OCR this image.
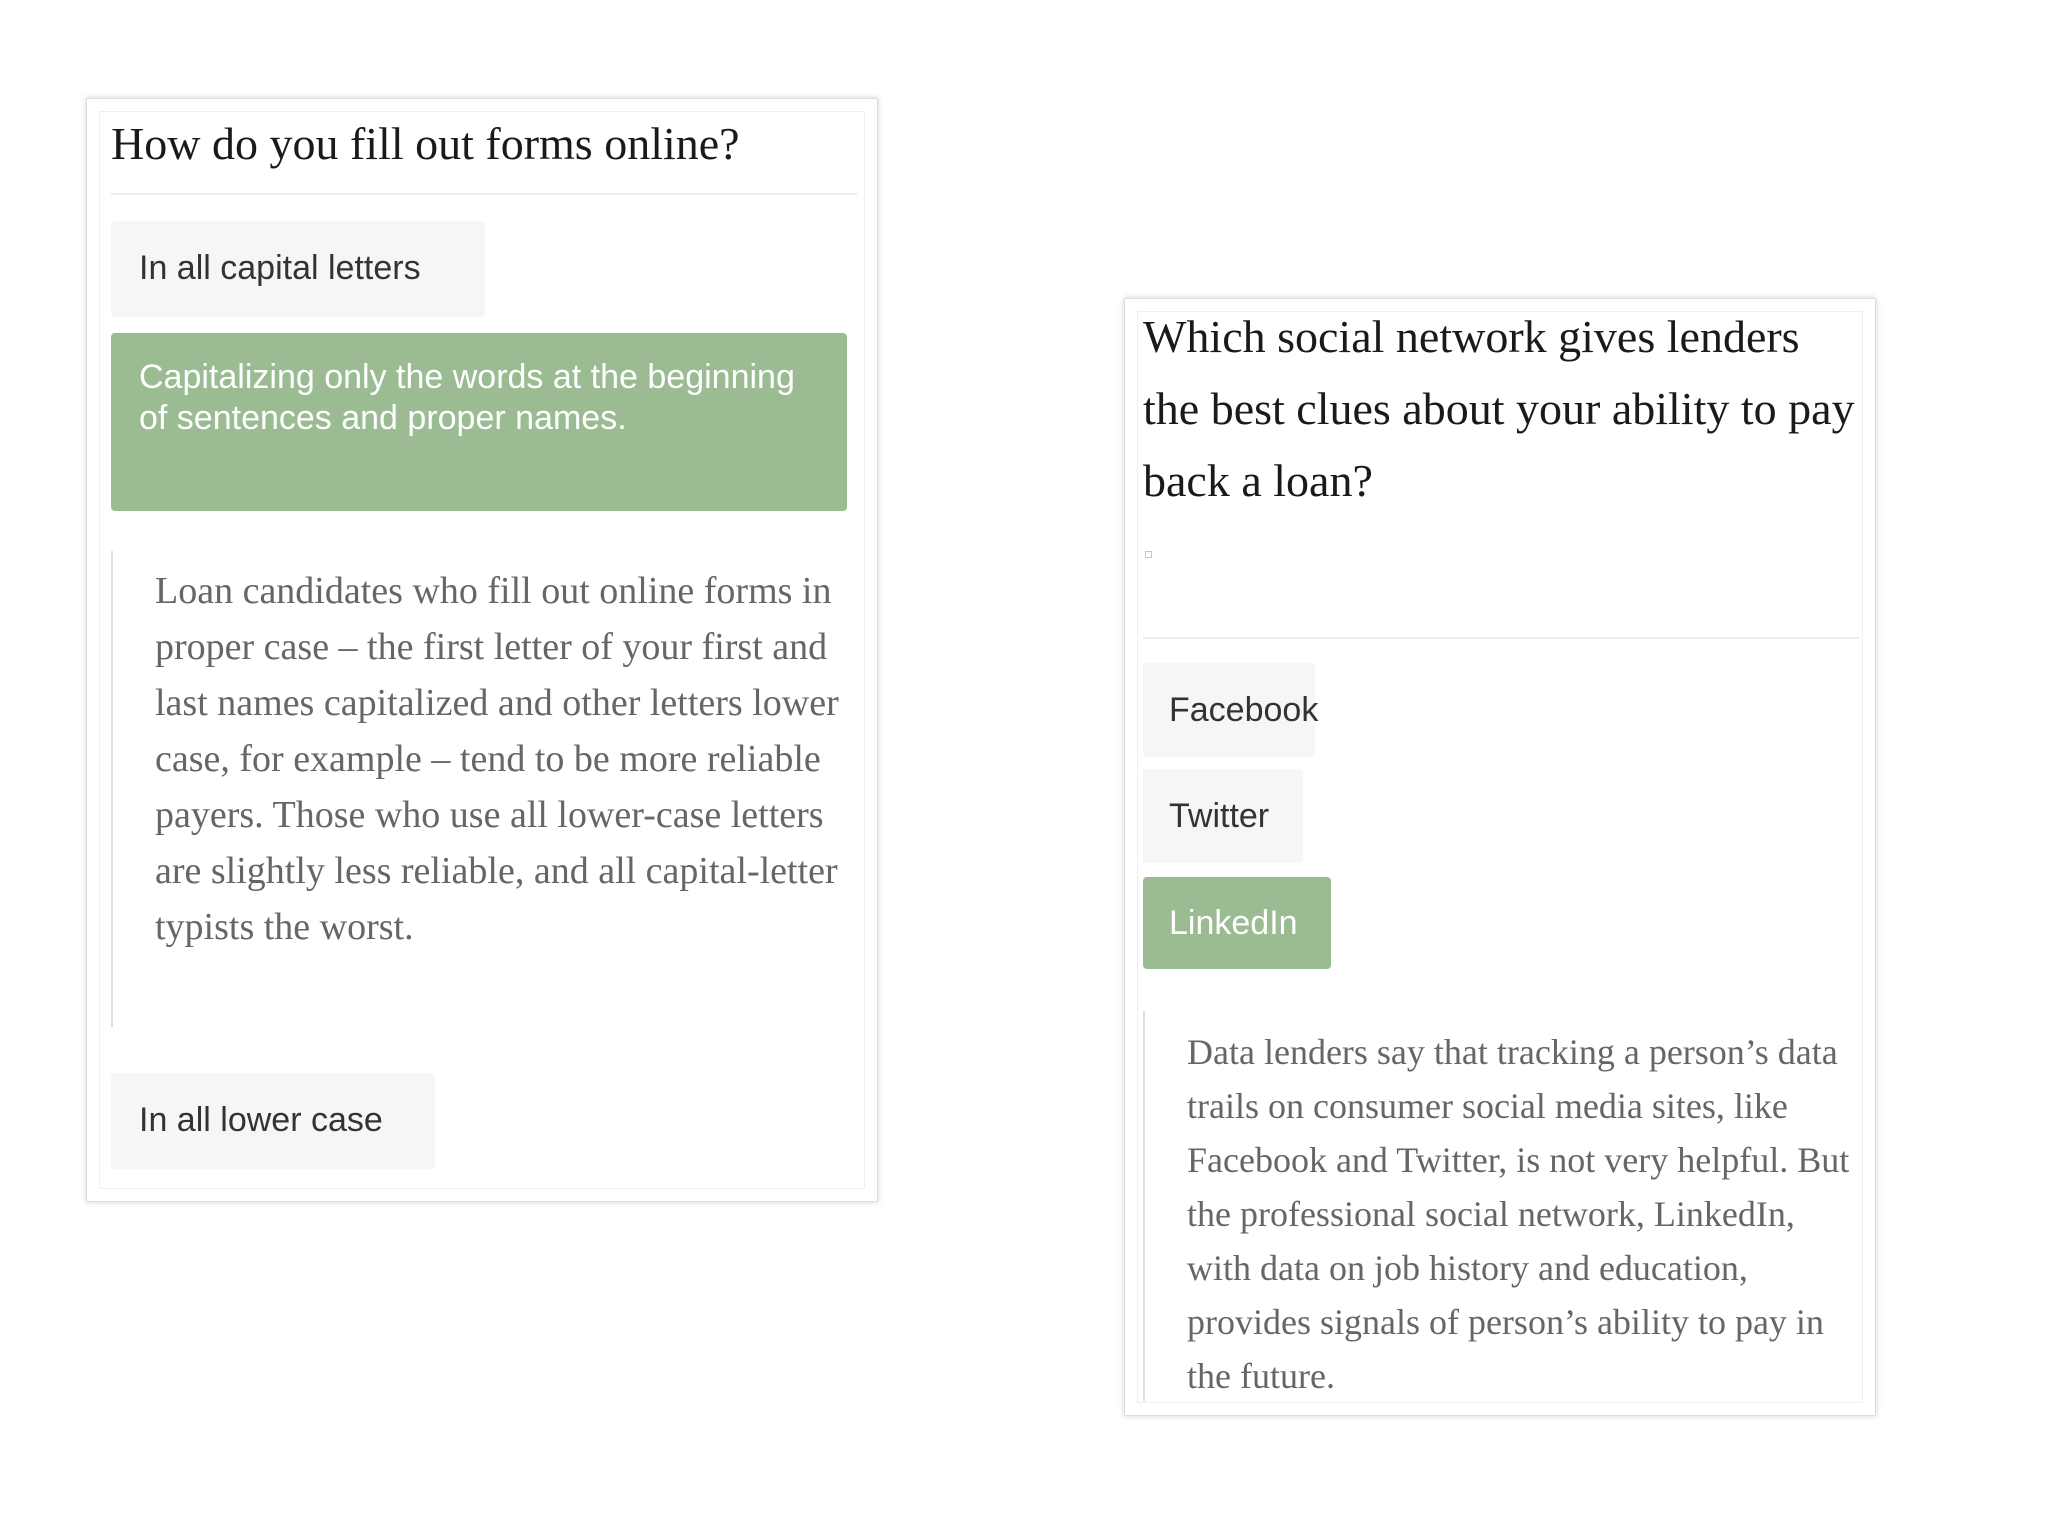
How do you fill out forms online?
In all capital letters
Capitalizing only the words at the beginning of sentences and proper names.
Loan candidates who fill out online forms in proper case – the first letter of your first and last names capitalized and other letters lower case, for example – tend to be more reliable payers. Those who use all lower-case letters are slightly less reliable, and all capital-letter typists the worst.
In all lower case
Which social network gives lenders the best clues about your ability to pay back a loan?
Facebook
Twitter
LinkedIn
Data lenders say that tracking a person’s data trails on consumer social media sites, like Facebook and Twitter, is not very helpful. But the professional social network, LinkedIn, with data on job history and education, provides signals of person’s ability to pay in the future.
